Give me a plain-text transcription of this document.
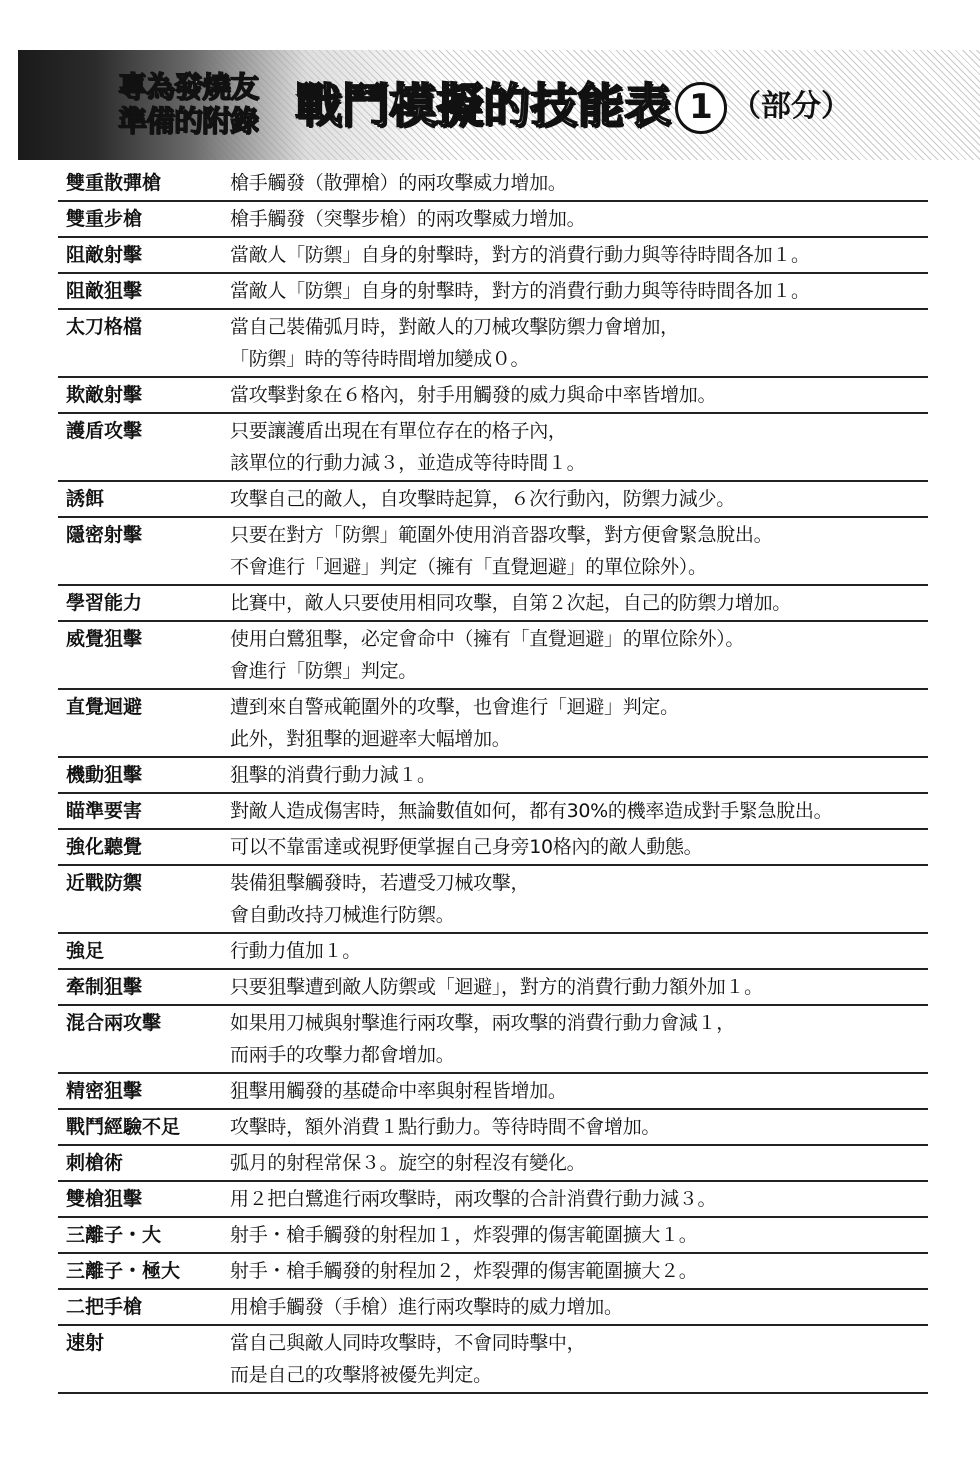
專為發燒友
準備的附錄 戰鬥模擬的技能表 1 （部分）
雙重散彈槍	槍手觸發（散彈槍）的兩攻擊威力增加。
雙重步槍	槍手觸發（突擊步槍）的兩攻擊威力增加。
阻敵射擊	當敵人「防禦」自身的射擊時，對方的消費行動力與等待時間各加１。
阻敵狙擊	當敵人「防禦」自身的射擊時，對方的消費行動力與等待時間各加１。
太刀格檔	當自己裝備弧月時，對敵人的刀械攻擊防禦力會增加，
「防禦」時的等待時間增加變成０。
欺敵射擊	當攻擊對象在６格內，射手用觸發的威力與命中率皆增加。
護盾攻擊	只要讓護盾出現在有單位存在的格子內，
該單位的行動力減３，並造成等待時間１。
誘餌	攻擊自己的敵人，自攻擊時起算，６次行動內，防禦力減少。
隱密射擊	只要在對方「防禦」範圍外使用消音器攻擊，對方便會緊急脫出。
不會進行「迴避」判定（擁有「直覺迴避」的單位除外）。
學習能力	比賽中，敵人只要使用相同攻擊，自第２次起，自己的防禦力增加。
威覺狙擊	使用白鷺狙擊，必定會命中（擁有「直覺迴避」的單位除外）。
會進行「防禦」判定。
直覺迴避	遭到來自警戒範圍外的攻擊，也會進行「迴避」判定。
此外，對狙擊的迴避率大幅增加。
機動狙擊	狙擊的消費行動力減１。
瞄準要害	對敵人造成傷害時，無論數值如何，都有30%的機率造成對手緊急脫出。
強化聽覺	可以不靠雷達或視野便掌握自己身旁10格內的敵人動態。
近戰防禦	裝備狙擊觸發時，若遭受刀械攻擊，
會自動改持刀械進行防禦。
強足	行動力值加１。
牽制狙擊	只要狙擊遭到敵人防禦或「迴避」，對方的消費行動力額外加１。
混合兩攻擊	如果用刀械與射擊進行兩攻擊，兩攻擊的消費行動力會減１，
而兩手的攻擊力都會增加。
精密狙擊	狙擊用觸發的基礎命中率與射程皆增加。
戰鬥經驗不足	攻擊時，額外消費１點行動力。等待時間不會增加。
刺槍術	弧月的射程常保３。旋空的射程沒有變化。
雙槍狙擊	用２把白鷺進行兩攻擊時，兩攻擊的合計消費行動力減３。
三離子・大	射手・槍手觸發的射程加１，炸裂彈的傷害範圍擴大１。
三離子・極大	射手・槍手觸發的射程加２，炸裂彈的傷害範圍擴大２。
二把手槍	用槍手觸發（手槍）進行兩攻擊時的威力增加。
速射	當自己與敵人同時攻擊時，不會同時擊中，
而是自己的攻擊將被優先判定。
